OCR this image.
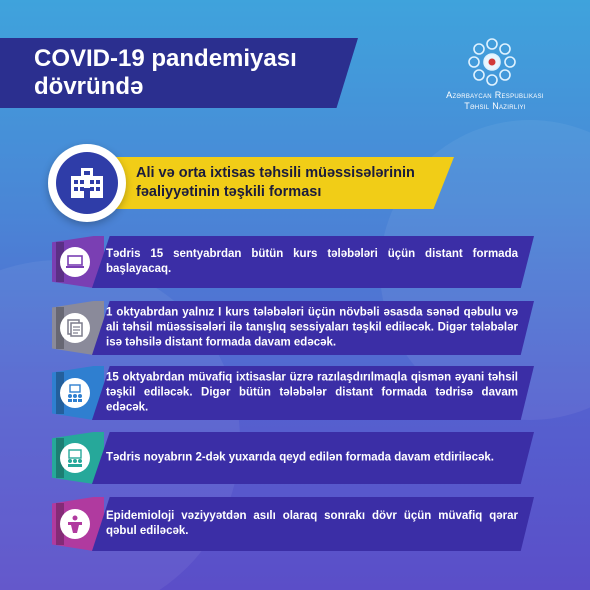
COVID-19 pandemiyası
dövründə	Azərbaycan Respublikası
Təhsil Nazirliyi
Ali və orta ixtisas təhsili müəssisələrinin fəaliyyətinin təşkili forması
Tədris 15 sentyabrdan bütün kurs tələbələri üçün distant formada başlayacaq.
1 oktyabrdan yalnız I kurs tələbələri üçün növbəli əsasda sənəd qəbulu və ali təhsil müəssisələri ilə tanışlıq sessiyaları təşkil ediləcək. Digər tələbələr isə təhsilə distant formada davam edəcək.
15 oktyabrdan müvafiq ixtisaslar üzrə razılaşdırılmaqla qismən əyani təhsil təşkil ediləcək. Digər bütün tələbələr distant formada tədrisə davam edəcək.
Tədris noyabrın 2-dək yuxarıda qeyd edilən formada davam etdiriləcək.
Epidemioloji vəziyyətdən asılı olaraq sonrakı dövr üçün müvafiq qərar qəbul ediləcək.
